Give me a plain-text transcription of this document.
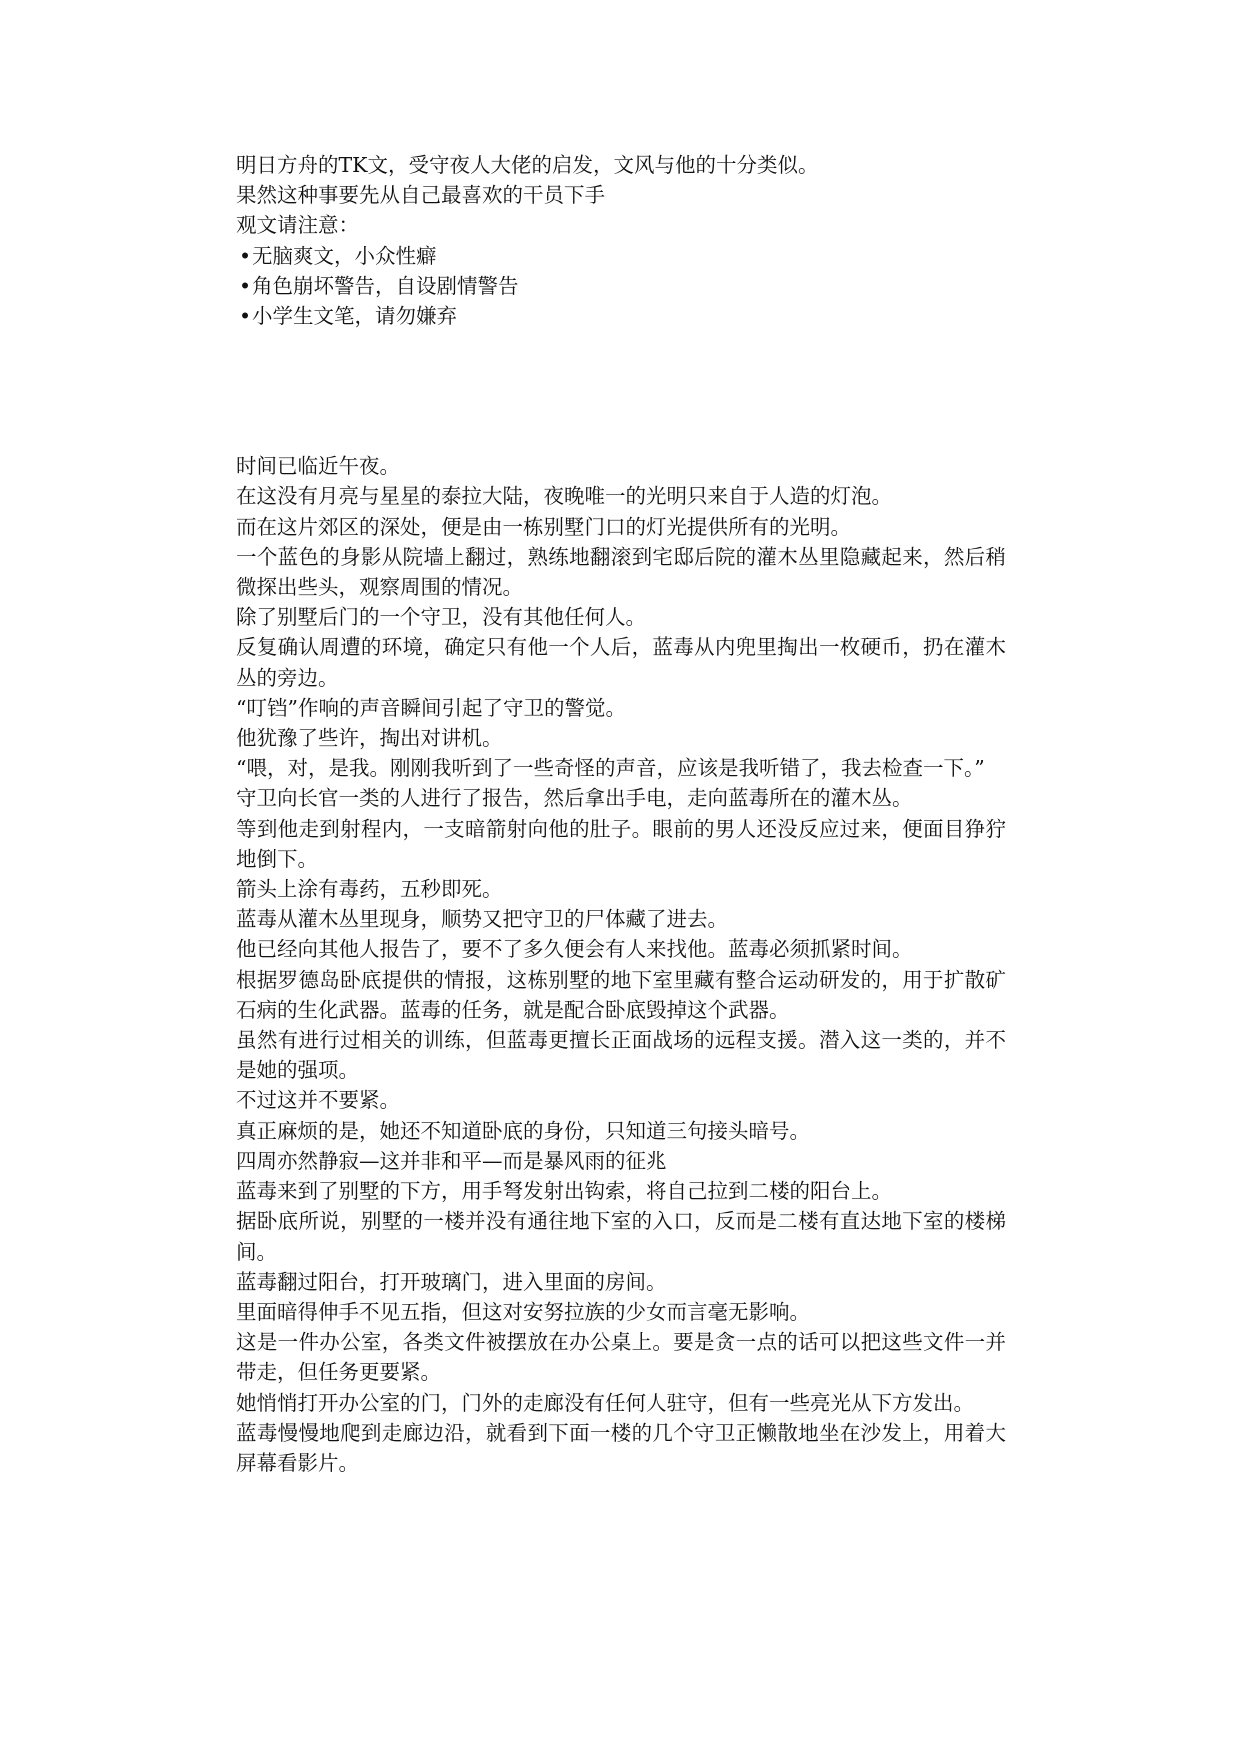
明日方舟的TK文，受守夜人大佬的启发，文风与他的十分类似。

果然这种事要先从自己最喜欢的干员下手

观文请注意：

•无脑爽文，小众性癖
•角色崩坏警告，自设剧情警告
•小学生文笔，请勿嫌弃

时间已临近午夜。

在这没有月亮与星星的泰拉大陆，夜晚唯一的光明只来自于人造的灯泡。

而在这片郊区的深处，便是由一栋别墅门口的灯光提供所有的光明。

一个蓝色的身影从院墙上翻过，熟练地翻滚到宅邸后院的灌木丛里隐藏起来，然后稍微探出些头，观察周围的情况。

除了别墅后门的一个守卫，没有其他任何人。

反复确认周遭的环境，确定只有他一个人后，蓝毒从内兜里掏出一枚硬币，扔在灌木丛的旁边。

“叮铛”作响的声音瞬间引起了守卫的警觉。

他犹豫了些许，掏出对讲机。

“喂，对，是我。刚刚我听到了一些奇怪的声音，应该是我听错了，我去检查一下。”

守卫向长官一类的人进行了报告，然后拿出手电，走向蓝毒所在的灌木丛。

等到他走到射程内，一支暗箭射向他的肚子。眼前的男人还没反应过来，便面目狰狞地倒下。

箭头上涂有毒药，五秒即死。

蓝毒从灌木丛里现身，顺势又把守卫的尸体藏了进去。

他已经向其他人报告了，要不了多久便会有人来找他。蓝毒必须抓紧时间。

根据罗德岛卧底提供的情报，这栋别墅的地下室里藏有整合运动研发的，用于扩散矿石病的生化武器。蓝毒的任务，就是配合卧底毁掉这个武器。

虽然有进行过相关的训练，但蓝毒更擅长正面战场的远程支援。潜入这一类的，并不是她的强项。

不过这并不要紧。

真正麻烦的是，她还不知道卧底的身份，只知道三句接头暗号。

四周亦然静寂—这并非和平—而是暴风雨的征兆

蓝毒来到了别墅的下方，用手弩发射出钩索，将自己拉到二楼的阳台上。

据卧底所说，别墅的一楼并没有通往地下室的入口，反而是二楼有直达地下室的楼梯间。

蓝毒翻过阳台，打开玻璃门，进入里面的房间。

里面暗得伸手不见五指，但这对安努拉族的少女而言毫无影响。

这是一件办公室，各类文件被摆放在办公桌上。要是贪一点的话可以把这些文件一并带走，但任务更要紧。

她悄悄打开办公室的门，门外的走廊没有任何人驻守，但有一些亮光从下方发出。

蓝毒慢慢地爬到走廊边沿，就看到下面一楼的几个守卫正懒散地坐在沙发上，用着大屏幕看影片。
